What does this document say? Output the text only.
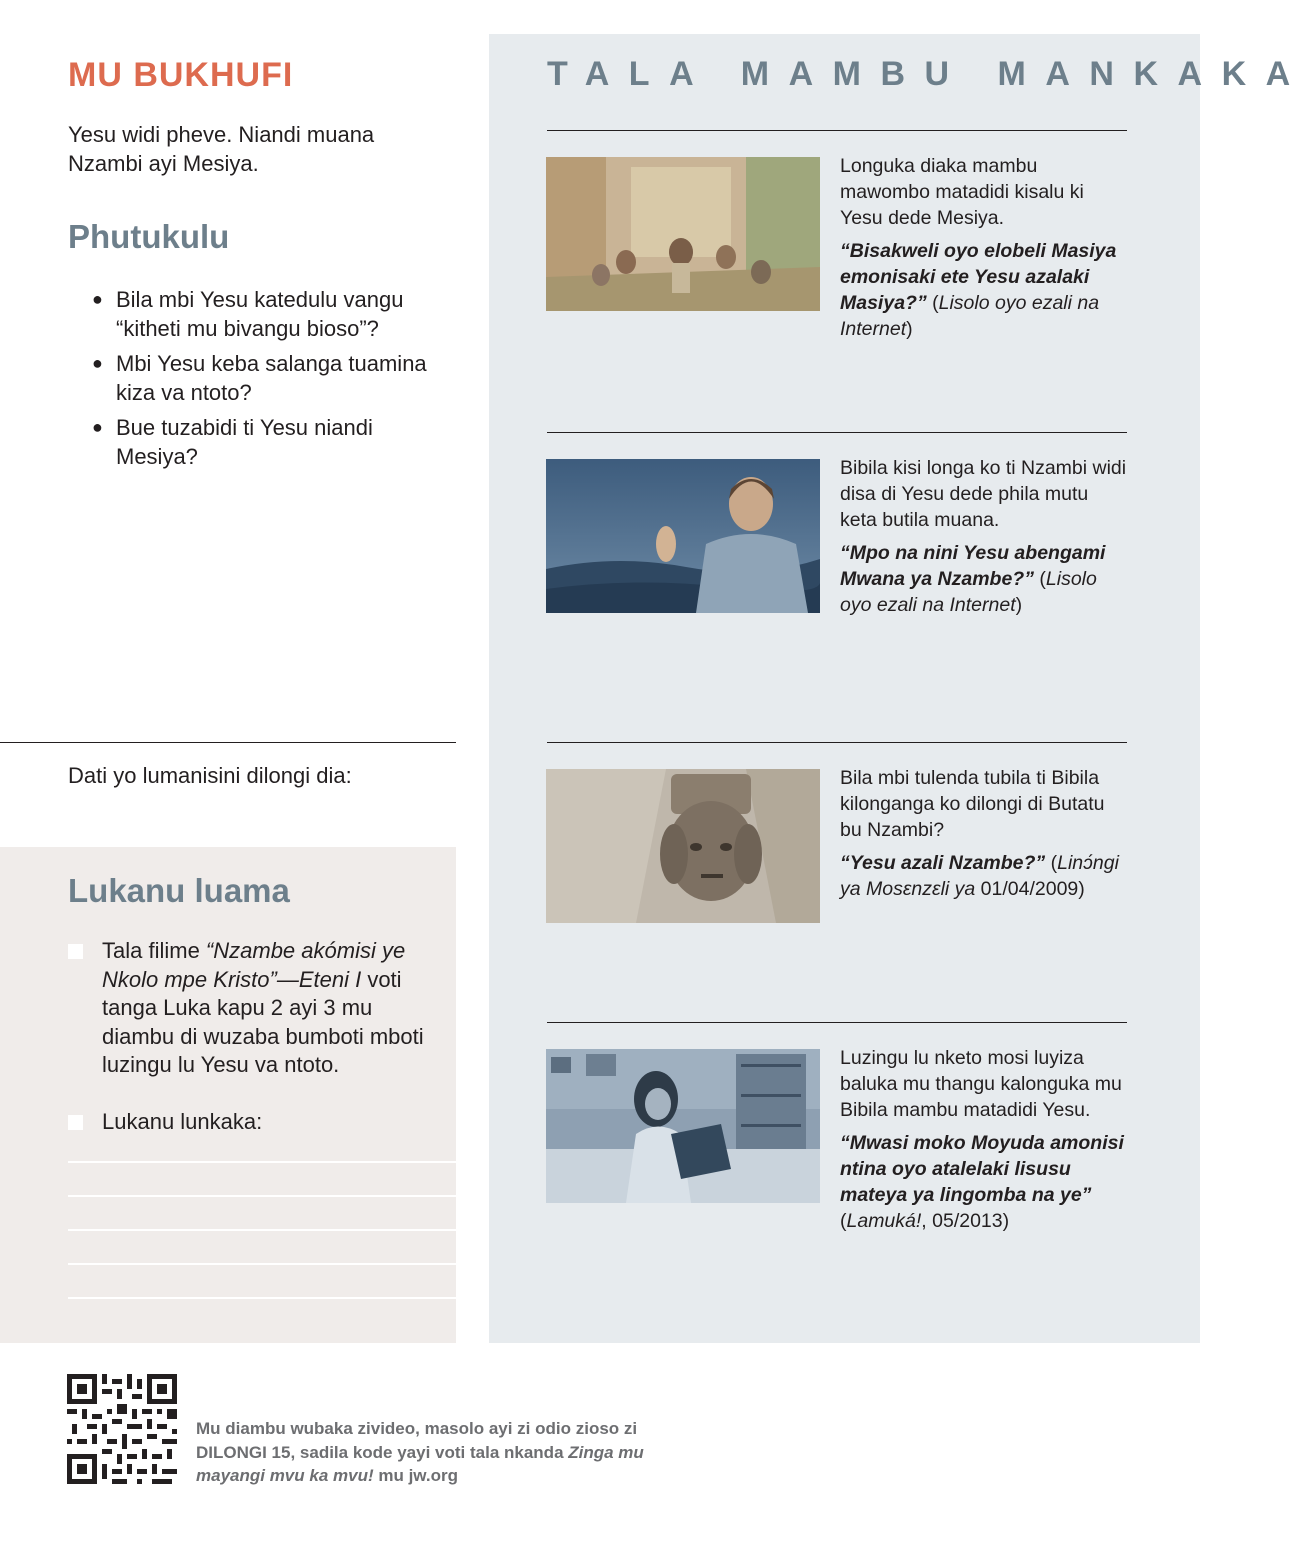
MU BUKHUFI
Yesu widi pheve. Niandi muana Nzambi ayi Mesiya.
Phutukulu
● Bila mbi Yesu katedulu vangu “kitheti mu bivangu bioso”?
● Mbi Yesu keba salanga tuamina kiza va ntoto?
● Bue tuzabidi ti Yesu niandi Mesiya?
Dati yo lumanisini dilongi dia:
Lukanu luama
Tala filime “Nzambe akómisi ye Nkolo mpe Kristo”—Eteni I voti tanga Luka kapu 2 ayi 3 mu diambu di wuzaba bumboti mboti luzingu lu Yesu va ntoto.
Lukanu lunkaka:
TALA MAMBU MANKAKA
Longuka diaka mambu mawombo matadidi kisalu ki Yesu dede Mesiya.
“Bisakweli oyo elobeli Masiya emonisaki ete Yesu azalaki Masiya?” (Lisolo oyo ezali na Internet)
Bibila kisi longa ko ti Nzambi widi disa di Yesu dede phila mutu keta butila muana.
“Mpo na nini Yesu abengami Mwana ya Nzambe?” (Lisolo oyo ezali na Internet)
Bila mbi tulenda tubila ti Bibila kilonganga ko dilongi di Butatu bu Nzambi?
“Yesu azali Nzambe?” (Linɔ́ngi ya Mosɛnzɛli ya 01/04/2009)
Luzingu lu nketo mosi luyiza baluka mu thangu kalonguka mu Bibila mambu matadidi Yesu.
“Mwasi moko Moyuda amonisi ntina oyo atalelaki lisusu mateya ya lingomba na ye” (Lamuká!, 05/2013)
Mu diambu wubaka zivideo, masolo ayi zi odio zioso zi DILONGI 15, sadila kode yayi voti tala nkanda Zinga mu mayangi mvu ka mvu! mu jw.org
